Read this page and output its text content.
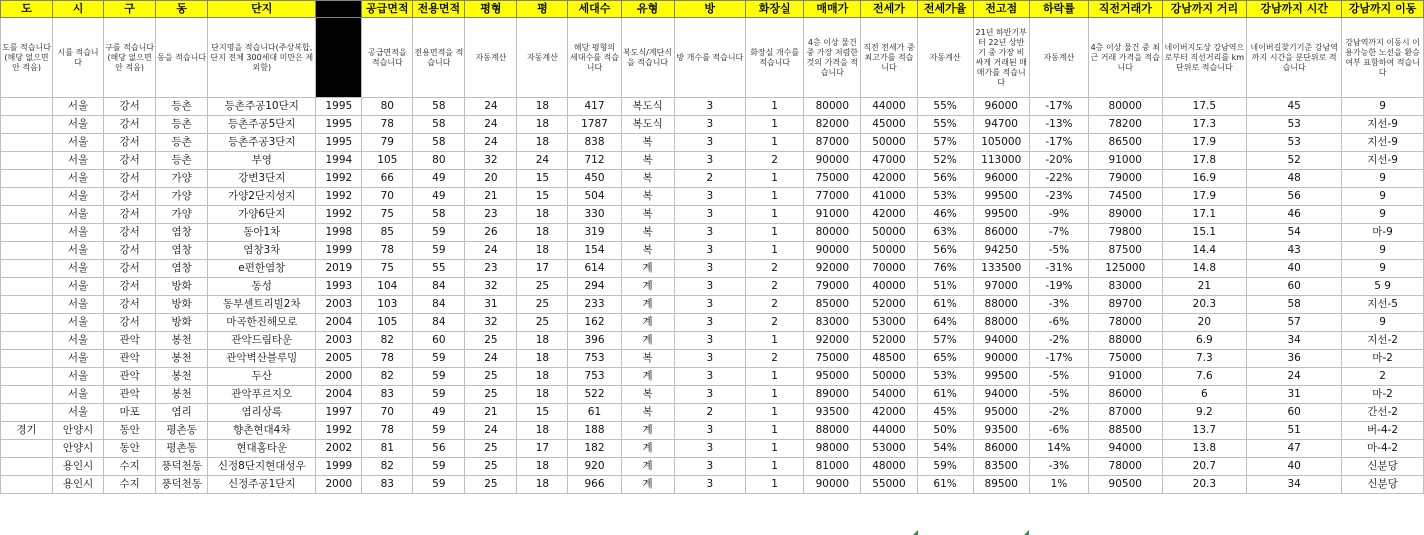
도	시	구	동	단지		공급면적	전용면적	평형	평	세대수	유형	방	화장실	매매가	전세가	전세가율	전고점	하락률	직전거래가	강남까지 거리	강남까지 시간	강남까지 이동
도를 적습니다(해당 없으면 안 적음)	시를 적습니다	구를 적습니다(해당 없으면 안 적음)	동을 적습니다	단지명을 적습니다(주상복합, 단지 전체 300세대 미만은 제외함)		공급면적을 적습니다	전용면적을 적습니다	자동계산	자동계산	해당 평형의 세대수를 적습니다	복도식/계단식을 적습니다	방 개수를 적습니다	화장실 개수를 적습니다	4층 이상 물건 중 가장 저렴한 것의 가격을 적습니다	직전 전세가 중 최고가를 적습니다	자동계산	21년 하반기부터 22년 상반기 중 가장 비싸게 거래된 매매가를 적습니다	자동계산	4층 이상 물건 중 최근 거래 가격을 적습니다	네이버지도상 강남역으로부터 직선거리를 km단위로 적습니다	네이버길찾기기준 강남역까지 시간을 분단위로 적습니다	강남역까지 이동시 이용가능한 노선을 환승여부 표함하여 적습니다
	서울	강서	등촌	등촌주공10단지	1995	80	58	24	18	417	복도식	3	1	80000	44000	55%	96000	-17%	80000	17.5	45	9
	서울	강서	등촌	등촌주공5단지	1995	78	58	24	18	1787	복도식	3	1	82000	45000	55%	94700	-13%	78200	17.3	53	지선-9
	서울	강서	등촌	등촌주공3단지	1995	79	58	24	18	838	복	3	1	87000	50000	57%	105000	-17%	86500	17.9	53	지선-9
	서울	강서	등촌	부영	1994	105	80	32	24	712	복	3	2	90000	47000	52%	113000	-20%	91000	17.8	52	지선-9
	서울	강서	가양	강변3단지	1992	66	49	20	15	450	복	2	1	75000	42000	56%	96000	-22%	79000	16.9	48	9
	서울	강서	가양	가양2단지성지	1992	70	49	21	15	504	복	3	1	77000	41000	53%	99500	-23%	74500	17.9	56	9
	서울	강서	가양	가양6단지	1992	75	58	23	18	330	복	3	1	91000	42000	46%	99500	-9%	89000	17.1	46	9
	서울	강서	염창	동아1차	1998	85	59	26	18	319	복	3	1	80000	50000	63%	86000	-7%	79800	15.1	54	마-9
	서울	강서	염창	염창3차	1999	78	59	24	18	154	복	3	1	90000	50000	56%	94250	-5%	87500	14.4	43	9
	서울	강서	염창	e편한염창	2019	75	55	23	17	614	계	3	2	92000	70000	76%	133500	-31%	125000	14.8	40	9
	서울	강서	방화	동성	1993	104	84	32	25	294	계	3	2	79000	40000	51%	97000	-19%	83000	21	60	5 9
	서울	강서	방화	동부센트리빌2차	2003	103	84	31	25	233	계	3	2	85000	52000	61%	88000	-3%	89700	20.3	58	지선-5
	서울	강서	방화	마곡한진해모로	2004	105	84	32	25	162	계	3	2	83000	53000	64%	88000	-6%	78000	20	57	9
	서울	관악	봉천	관악드림타운	2003	82	60	25	18	396	계	3	1	92000	52000	57%	94000	-2%	88000	6.9	34	지선-2
	서울	관악	봉천	관악벽산블루밍	2005	78	59	24	18	753	복	3	2	75000	48500	65%	90000	-17%	75000	7.3	36	마-2
	서울	관악	봉천	두산	2000	82	59	25	18	753	계	3	1	95000	50000	53%	99500	-5%	91000	7.6	24	2
	서울	관악	봉천	관악푸르지오	2004	83	59	25	18	522	복	3	1	89000	54000	61%	94000	-5%	86000	6	31	마-2
	서울	마포	염리	염리상록	1997	70	49	21	15	61	복	2	1	93500	42000	45%	95000	-2%	87000	9.2	60	간선-2
경기	안양시	동안	평촌동	향촌현대4차	1992	78	59	24	18	188	계	3	1	88000	44000	50%	93500	-6%	88500	13.7	51	버-4-2
	안양시	동안	평촌동	현대홈타운	2002	81	56	25	17	182	계	3	1	98000	53000	54%	86000	14%	94000	13.8	47	마-4-2
	용인시	수지	풍덕천동	신정8단지현대성우	1999	82	59	25	18	920	계	3	1	81000	48000	59%	83500	-3%	78000	20.7	40	신분당
	용인시	수지	풍덕천동	신정주공1단지	2000	83	59	25	18	966	계	3	1	90000	55000	61%	89500	1%	90500	20.3	34	신분당
